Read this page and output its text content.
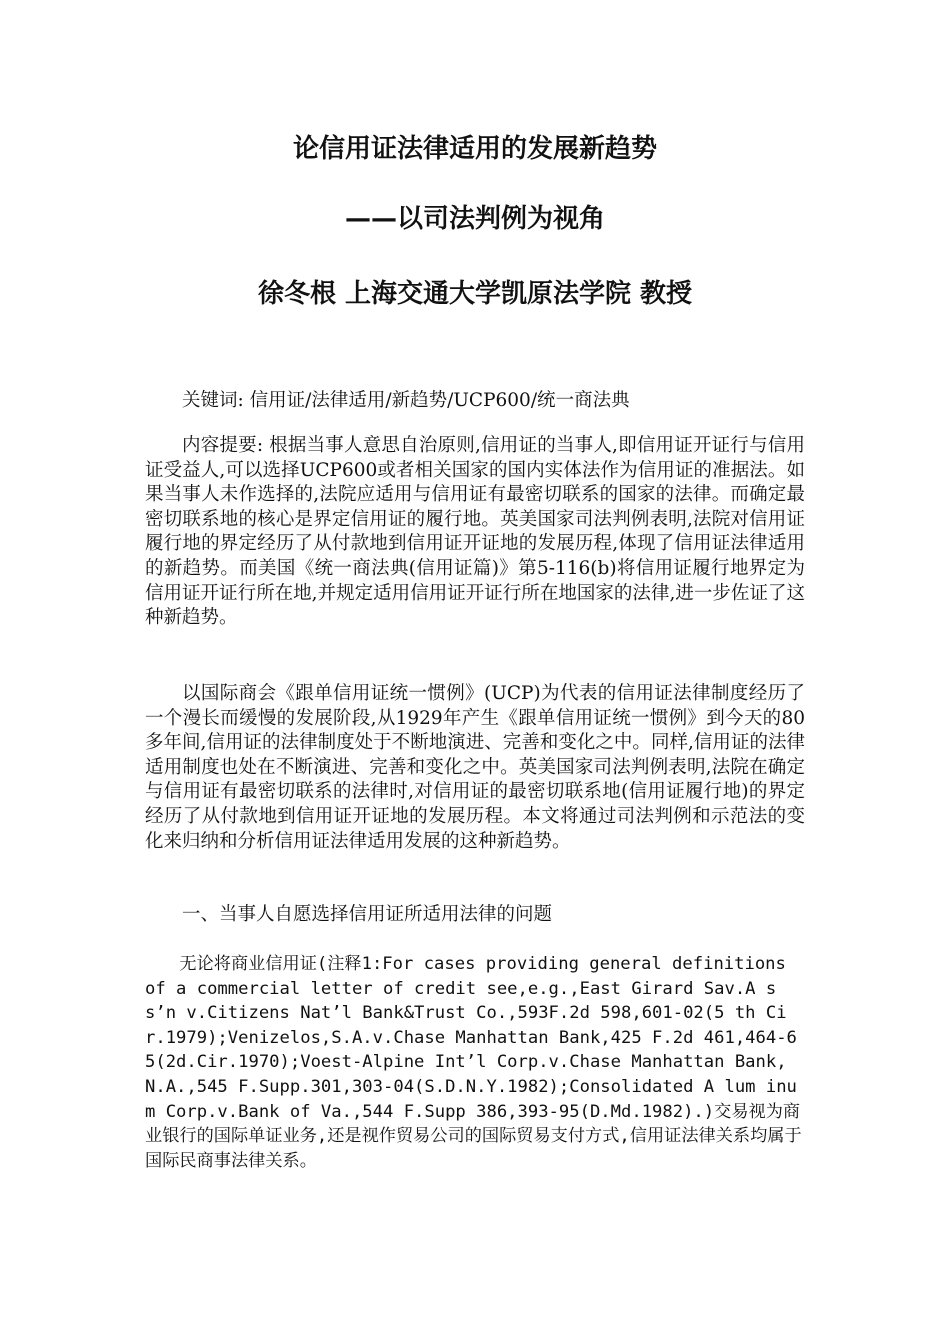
论信用证法律适用的发展新趋势
——以司法判例为视角
徐冬根 上海交通大学凯原法学院 教授

关键词: 信用证/法律适用/新趋势/UCP600/统一商法典

内容提要: 根据当事人意思自治原则,信用证的当事人,即信用证开证行与信用证受益人,可以选择UCP600或者相关国家的国内实体法作为信用证的准据法。如果当事人未作选择的,法院应适用与信用证有最密切联系的国家的法律。而确定最密切联系地的核心是界定信用证的履行地。英美国家司法判例表明,法院对信用证履行地的界定经历了从付款地到信用证开证地的发展历程,体现了信用证法律适用的新趋势。而美国《统一商法典(信用证篇)》第5-116(b)将信用证履行地界定为信用证开证行所在地,并规定适用信用证开证行所在地国家的法律,进一步佐证了这种新趋势。

以国际商会《跟单信用证统一惯例》(UCP)为代表的信用证法律制度经历了一个漫长而缓慢的发展阶段,从1929年产生《跟单信用证统一惯例》到今天的80多年间,信用证的法律制度处于不断地演进、完善和变化之中。同样,信用证的法律适用制度也处在不断演进、完善和变化之中。英美国家司法判例表明,法院在确定与信用证有最密切联系的法律时,对信用证的最密切联系地(信用证履行地)的界定经历了从付款地到信用证开证地的发展历程。本文将通过司法判例和示范法的变化来归纳和分析信用证法律适用发展的这种新趋势。

一、当事人自愿选择信用证所适用法律的问题

无论将商业信用证(注释1:For cases providing general definitions of a commercial letter of credit see,e.g.,East Girard Sav.A ss’n v.Citizens Nat’l Bank&Trust Co.,593F.2d 598,601-02(5 th Cir.1979);Venizelos,S.A.v.Chase Manhattan Bank,425 F.2d 461,464-65(2d.Cir.1970);Voest-Alpine Int’l Corp.v.Chase Manhattan Bank,N.A.,545 F.Supp.301,303-04(S.D.N.Y.1982);Consolidated A lum inum Corp.v.Bank of Va.,544 F.Supp 386,393-95(D.Md.1982).)交易视为商业银行的国际单证业务,还是视作贸易公司的国际贸易支付方式,信用证法律关系均属于国际民商事法律关系。
